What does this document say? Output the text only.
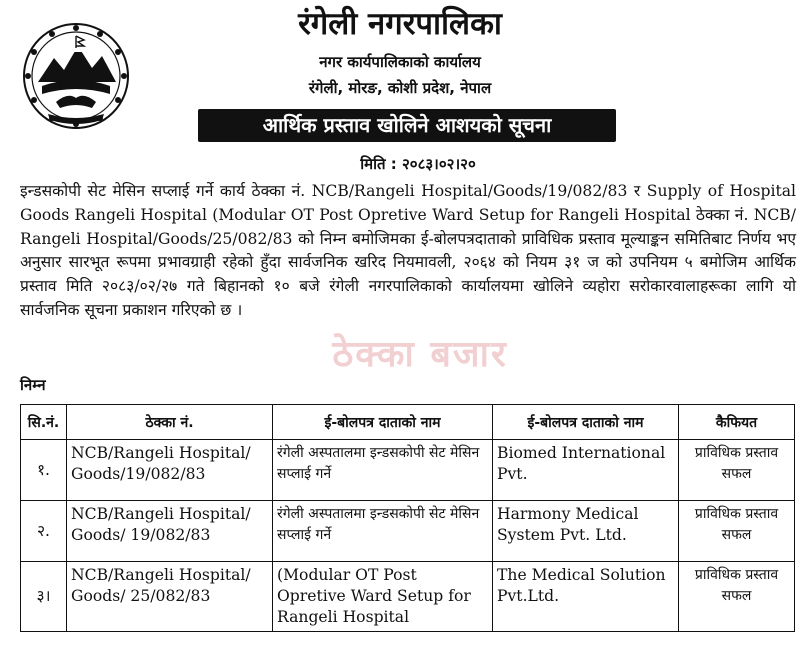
रंगेली नगरपालिका
नगर कार्यपालिकाको कार्यालय
रंगेली, मोरङ, कोशी प्रदेश, नेपाल
आर्थिक प्रस्ताव खोलिने आशयको सूचना
मिति : २०८३।०२।२०
इन्डसकोपी सेट मेसिन सप्लाई गर्ने कार्य ठेक्का नं. NCB/Rangeli Hospital/Goods/19/082/83 र Supply of Hospital Goods Rangeli Hospital (Modular OT Post Opretive Ward Setup for Rangeli Hospital ठेक्का नं. NCB/ Rangeli Hospital/Goods/25/082/83 को निम्न बमोजिमका ई-बोलपत्रदाताको प्राविधिक प्रस्ताव मूल्याङ्कन समितिबाट निर्णय भए अनुसार सारभूत रूपमा प्रभावग्राही रहेको हुँदा सार्वजनिक खरिद नियमावली, २०६४ को नियम ३१ ज को उपनियम ५ बमोजिम आर्थिक प्रस्ताव मिति २०८३/०२/२७ गते बिहानको १० बजे रंगेली नगरपालिकाको कार्यालयमा खोलिने व्यहोरा सरोकारवालाहरूका लागि यो सार्वजनिक सूचना प्रकाशन गरिएको छ ।
ठेक्का बजार
निम्न
सि.नं.	ठेक्का नं.	ई-बोलपत्र दाताको नाम	ई-बोलपत्र दाताको नाम	कैफियत
१.	NCB/Rangeli Hospital/ Goods/19/082/83	रंगेली अस्पतालमा इन्डसकोपी सेट मेसिन सप्लाई गर्ने	Biomed International Pvt.	प्राविधिक प्रस्ताव सफल
२.	NCB/Rangeli Hospital/ Goods/ 19/082/83	रंगेली अस्पतालमा इन्डसकोपी सेट मेसिन सप्लाई गर्ने	Harmony Medical System Pvt. Ltd.	प्राविधिक प्रस्ताव सफल
३।	NCB/Rangeli Hospital/ Goods/ 25/082/83	(Modular OT Post Opretive Ward Setup for Rangeli Hospital	The Medical Solution Pvt.Ltd.	प्राविधिक प्रस्ताव सफल
